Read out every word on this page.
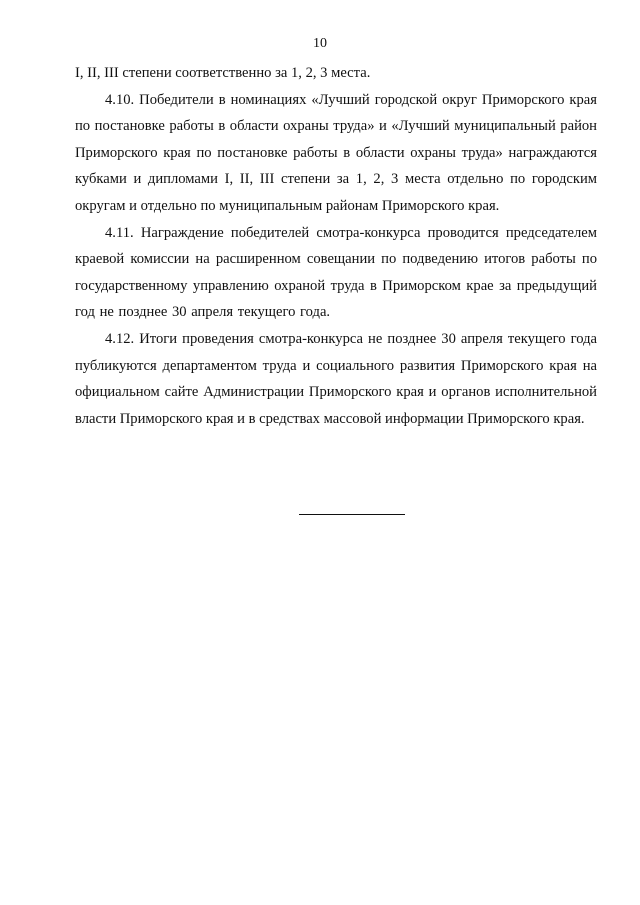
10

I, II, III степени соответственно за 1, 2, 3 места.

4.10. Победители в номинациях «Лучший городской округ Приморского края по постановке работы в области охраны труда» и «Лучший муниципальный район Приморского края по постановке работы в области охраны труда» награждаются кубками и дипломами I, II, III степени за 1, 2, 3 места отдельно по городским округам и отдельно по муниципальным районам Приморского края.

4.11. Награждение победителей смотра-конкурса проводится председателем краевой комиссии на расширенном совещании по подведению итогов работы по государственному управлению охраной труда в Приморском крае за предыдущий год не позднее 30 апреля текущего года.

4.12. Итоги проведения смотра-конкурса не позднее 30 апреля текущего года публикуются департаментом труда и социального развития Приморского края на официальном сайте Администрации Приморского края и органов исполнительной власти Приморского края и в средствах массовой информации Приморского края.
